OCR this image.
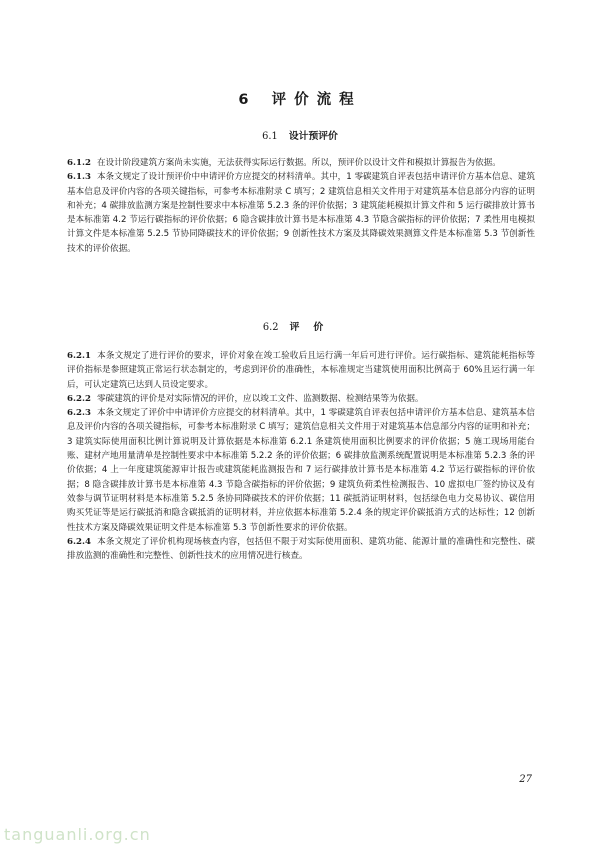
6 评价流程
6.1 设计预评价

6.1.2 在设计阶段建筑方案尚未实施，无法获得实际运行数据。所以，预评价以设计文件和模拟计算报告为依据。

6.1.3 本条文规定了设计预评价中申请评价方应提交的材料清单。其中，1 零碳建筑自评表包括申请评价方基本信息、建筑基本信息及评价内容的各项关键指标，可参考本标准附录 C 填写；2 建筑信息相关文件用于对建筑基本信息部分内容的证明和补充；4 碳排放监测方案是控制性要求中本标准第 5.2.3 条的评价依据；3 建筑能耗模拟计算文件和 5 运行碳排放计算书是本标准第 4.2 节运行碳指标的评价依据；6 隐含碳排放计算书是本标准第 4.3 节隐含碳指标的评价依据；7 柔性用电模拟计算文件是本标准第 5.2.5 节协同降碳技术的评价依据；9 创新性技术方案及其降碳效果测算文件是本标准第 5.3 节创新性技术的评价依据。

6.2 评价

6.2.1 本条文规定了进行评价的要求，评价对象在竣工验收后且运行满一年后可进行评价。运行碳指标、建筑能耗指标等评价指标是参照建筑正常运行状态制定的，考虑到评价的准确性，本标准规定当建筑使用面积比例高于 60%且运行满一年后，可认定建筑已达到人员设定要求。

6.2.2 零碳建筑的评价是对实际情况的评价，应以竣工文件、监测数据、检测结果等为依据。

6.2.3 本条文规定了评价中申请评价方应提交的材料清单。其中，1 零碳建筑自评表包括申请评价方基本信息、建筑基本信息及评价内容的各项关键指标，可参考本标准附录 C 填写；建筑信息相关文件用于对建筑基本信息部分内容的证明和补充；3 建筑实际使用面积比例计算说明及计算依据是本标准第 6.2.1 条建筑使用面积比例要求的评价依据；5 施工现场用能台账、建材产地用量清单是控制性要求中本标准第 5.2.2 条的评价依据；6 碳排放监测系统配置说明是本标准第 5.2.3 条的评价依据；4 上一年度建筑能源审计报告或建筑能耗监测报告和 7 运行碳排放计算书是本标准第 4.2 节运行碳指标的评价依据；8 隐含碳排放计算书是本标准第 4.3 节隐含碳指标的评价依据；9 建筑负荷柔性检测报告、10 虚拟电厂签约协议及有效参与调节证明材料是本标准第 5.2.5 条协同降碳技术的评价依据；11 碳抵消证明材料，包括绿色电力交易协议、碳信用购买凭证等是运行碳抵消和隐含碳抵消的证明材料，并应依据本标准第 5.2.4 条的规定评价碳抵消方式的达标性；12 创新性技术方案及降碳效果证明文件是本标准第 5.3 节创新性要求的评价依据。

6.2.4 本条文规定了评价机构现场核查内容，包括但不限于对实际使用面积、建筑功能、能源计量的准确性和完整性、碳排放监测的准确性和完整性、创新性技术的应用情况进行核查。

27
tanguanli.org.cn
